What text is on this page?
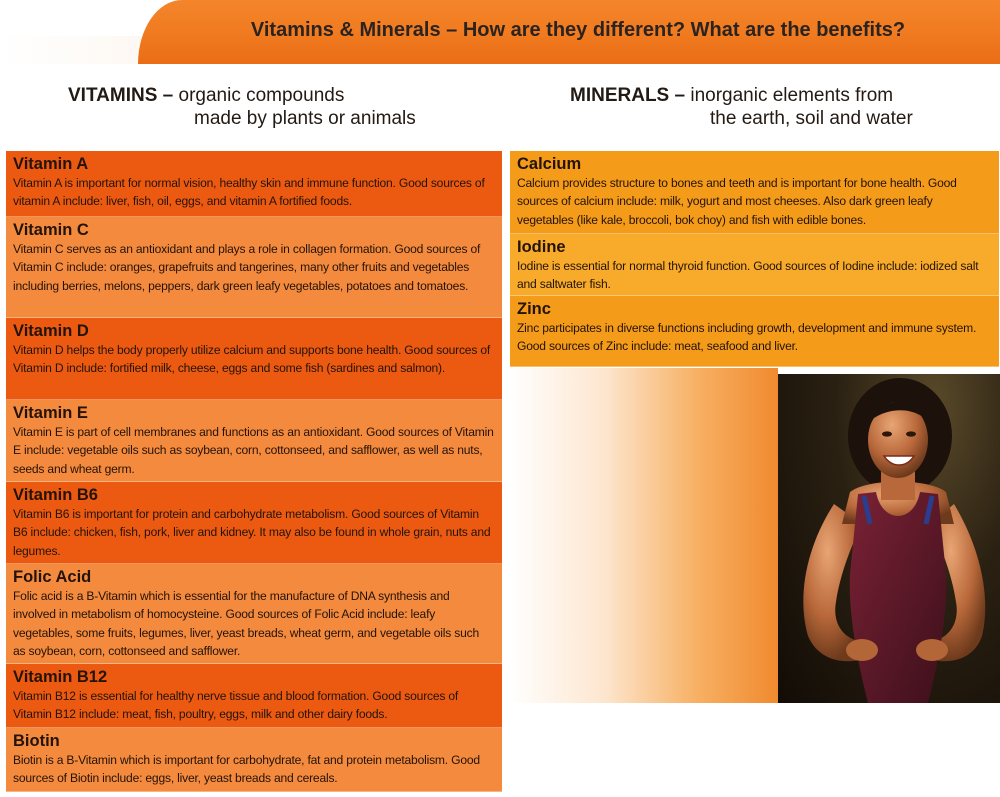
Vitamins & Minerals – How are they different? What are the benefits?
VITAMINS – organic compounds
made by plants or animals
MINERALS – inorganic elements from
the earth, soil and water
Vitamin A
Vitamin A is important for normal vision, healthy skin and immune function. Good sources of vitamin A include: liver, fish, oil, eggs, and vitamin A fortified foods.
Vitamin C
Vitamin C serves as an antioxidant and plays a role in collagen formation. Good sources of Vitamin C include: oranges, grapefruits and tangerines, many other fruits and vegetables including berries, melons, peppers, dark green leafy vegetables, potatoes and tomatoes.
Vitamin D
Vitamin D helps the body properly utilize calcium and supports bone health. Good sources of Vitamin D include: fortified milk, cheese, eggs and some fish (sardines and salmon).
Vitamin E
Vitamin E is part of cell membranes and functions as an antioxidant. Good sources of Vitamin E include: vegetable oils such as soybean, corn, cottonseed, and safflower, as well as nuts, seeds and wheat germ.
Vitamin B6
Vitamin B6 is important for protein and carbohydrate metabolism. Good sources of Vitamin B6 include: chicken, fish, pork, liver and kidney. It may also be found in whole grain, nuts and legumes.
Folic Acid
Folic acid is a B-Vitamin which is essential for the manufacture of DNA synthesis and involved in metabolism of homocysteine. Good sources of Folic Acid include: leafy vegetables, some fruits, legumes, liver, yeast breads, wheat germ, and vegetable oils such as soybean, corn, cottonseed and safflower.
Vitamin B12
Vitamin B12 is essential for healthy nerve tissue and blood formation. Good sources of Vitamin B12 include: meat, fish, poultry, eggs, milk and other dairy foods.
Biotin
Biotin is a B-Vitamin which is important for carbohydrate, fat and protein metabolism. Good sources of Biotin include: eggs, liver, yeast breads and cereals.
Calcium
Calcium provides structure to bones and teeth and is important for bone health. Good sources of calcium include: milk, yogurt and most cheeses. Also dark green leafy vegetables (like kale, broccoli, bok choy) and fish with edible bones.
Iodine
Iodine is essential for normal thyroid function. Good sources of Iodine include: iodized salt and saltwater fish.
Zinc
Zinc participates in diverse functions including growth, development and immune system. Good sources of Zinc include: meat, seafood and liver.
